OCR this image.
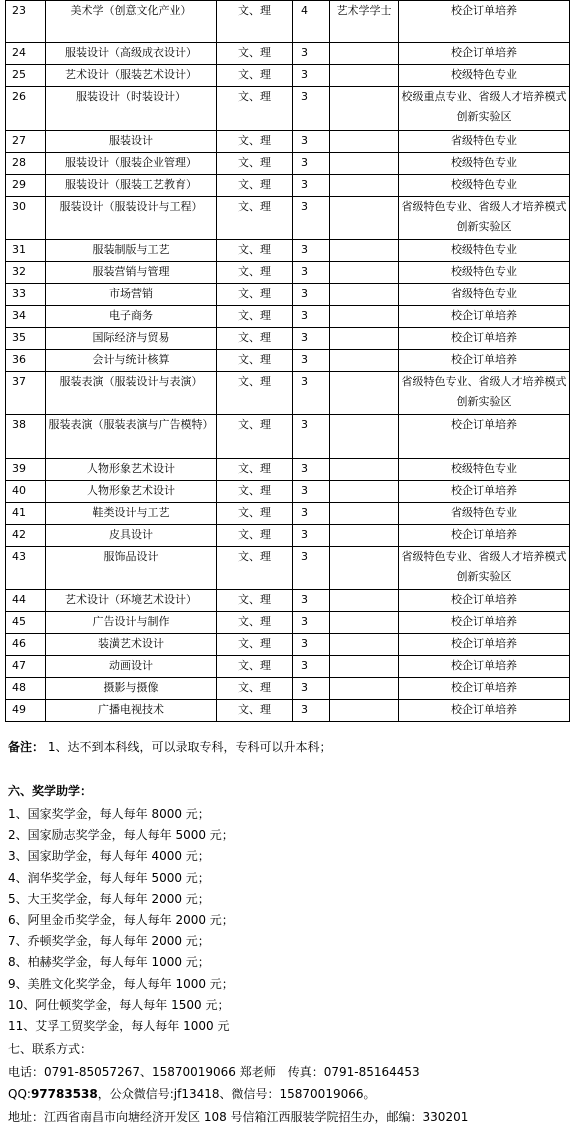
23	美术学（创意文化产业）	文、理	4	艺术学学士	校企订单培养
24	服装设计（高级成衣设计）	文、理	3		校企订单培养
25	艺术设计（服装艺术设计）	文、理	3		校级特色专业
26	服装设计（时装设计）	文、理	3		校级重点专业、省级人才培养模式创新实验区
27	服装设计	文、理	3		省级特色专业
28	服装设计（服装企业管理）	文、理	3		校级特色专业
29	服装设计（服装工艺教育）	文、理	3		校级特色专业
30	服装设计（服装设计与工程）	文、理	3		省级特色专业、省级人才培养模式创新实验区
31	服装制版与工艺	文、理	3		校级特色专业
32	服装营销与管理	文、理	3		校级特色专业
33	市场营销	文、理	3		省级特色专业
34	电子商务	文、理	3		校企订单培养
35	国际经济与贸易	文、理	3		校企订单培养
36	会计与统计核算	文、理	3		校企订单培养
37	服装表演（服装设计与表演）	文、理	3		省级特色专业、省级人才培养模式创新实验区
38	服装表演（服装表演与广告模特）	文、理	3		校企订单培养
39	人物形象艺术设计	文、理	3		校级特色专业
40	人物形象艺术设计	文、理	3		校企订单培养
41	鞋类设计与工艺	文、理	3		省级特色专业
42	皮具设计	文、理	3		校企订单培养
43	服饰品设计	文、理	3		省级特色专业、省级人才培养模式创新实验区
44	艺术设计（环境艺术设计）	文、理	3		校企订单培养
45	广告设计与制作	文、理	3		校企订单培养
46	装潢艺术设计	文、理	3		校企订单培养
47	动画设计	文、理	3		校企订单培养
48	摄影与摄像	文、理	3		校企订单培养
49	广播电视技术	文、理	3		校企订单培养
备注： 1、达不到本科线，可以录取专科，专科可以升本科；
六、奖学助学：
1、国家奖学金，每人每年 8000 元；
2、国家励志奖学金，每人每年 5000 元；
3、国家助学金，每人每年 4000 元；
4、润华奖学金，每人每年 5000 元；
5、大王奖学金，每人每年 2000 元；
6、阿里金币奖学金，每人每年 2000 元；
7、乔顿奖学金，每人每年 2000 元；
8、柏赫奖学金，每人每年 1000 元；
9、美胜文化奖学金，每人每年 1000 元；
10、阿仕顿奖学金，每人每年 1500 元；
11、艾孚工贸奖学金，每人每年 1000 元
七、联系方式：
电话：0791-85057267、15870019066 郑老师　传真：0791-85164453
QQ:97783538，公众微信号:jf13418、微信号：15870019066。
地址：江西省南昌市向塘经济开发区 108 号信箱江西服装学院招生办，邮编：330201
